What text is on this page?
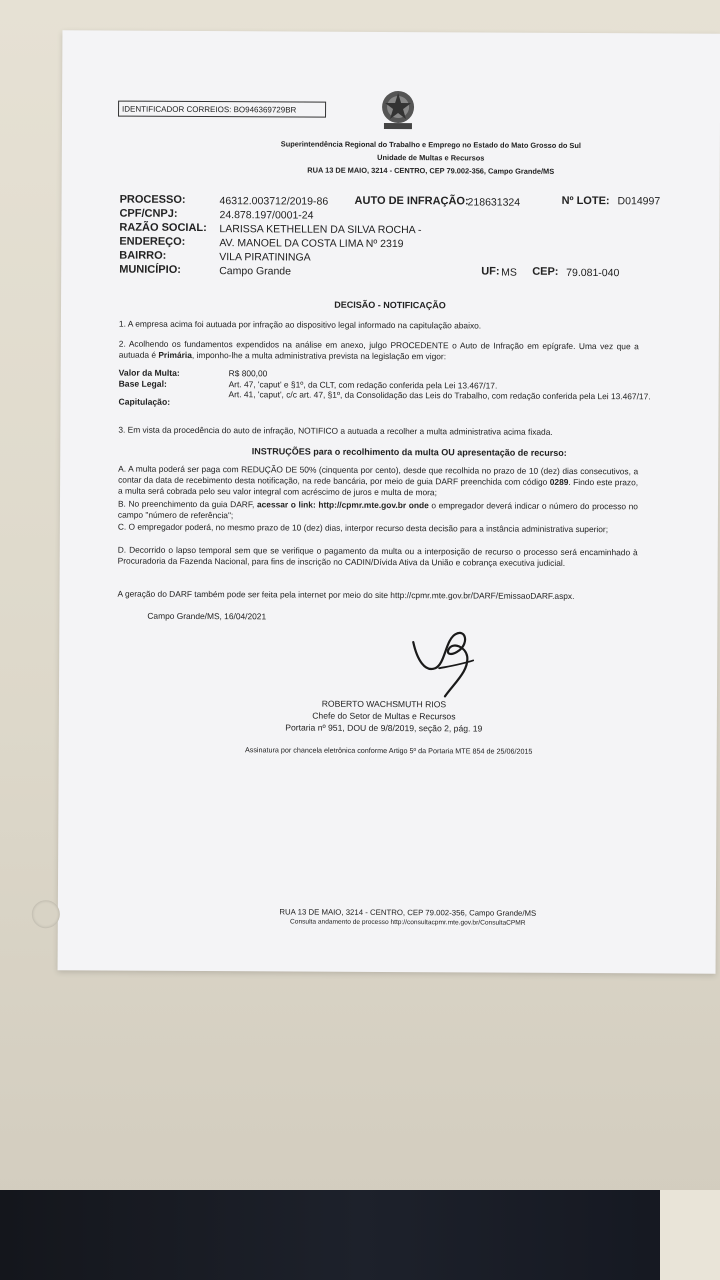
IDENTIFICADOR CORREIOS: BO946369729BR
Superintendência Regional do Trabalho e Emprego no Estado do Mato Grosso do Sul
Unidade de Multas e Recursos
RUA 13 DE MAIO, 3214 - CENTRO, CEP 79.002-356, Campo Grande/MS
PROCESSO:	46312.003712/2019-86 AUTO DE INFRAÇÃO:
218631324	Nº LOTE: D014997
CPF/CNPJ:	24.878.197/0001-24
RAZÃO SOCIAL: LARISSA KETHELLEN DA SILVA ROCHA -
ENDEREÇO:	AV. MANOEL DA COSTA LIMA Nº 2319
BAIRRO:	VILA PIRATININGA
MUNICÍPIO:	Campo Grande	UF: MS CEP: 79.081-040
DECISÃO - NOTIFICAÇÃO
1. A empresa acima foi autuada por infração ao dispositivo legal informado na capitulação abaixo.
2. Acolhendo os fundamentos expendidos na análise em anexo, julgo PROCEDENTE o Auto de Infração em epígrafe. Uma vez que a autuada é Primária, imponho-lhe a multa administrativa prevista na legislação em vigor:
Valor da Multa:	R$ 800,00
Base Legal:	Art. 47, 'caput' e §1º, da CLT, com redação conferida pela Lei 13.467/17.
Capitulação:
Art. 41, 'caput', c/c art. 47, §1º, da Consolidação das Leis do Trabalho, com redação conferida pela Lei 13.467/17.
3. Em vista da procedência do auto de infração, NOTIFICO a autuada a recolher a multa administrativa acima fixada.
INSTRUÇÕES para o recolhimento da multa OU apresentação de recurso:
A. A multa poderá ser paga com REDUÇÃO DE 50% (cinquenta por cento), desde que recolhida no prazo de 10 (dez) dias consecutivos, a contar da data de recebimento desta notificação, na rede bancária, por meio de guia DARF preenchida com código 0289. Findo este prazo, a multa será cobrada pelo seu valor integral com acréscimo de juros e multa de mora;
B. No preenchimento da guia DARF, acessar o link: http://cpmr.mte.gov.br onde o empregador deverá indicar o número do processo no campo "número de referência";
C. O empregador poderá, no mesmo prazo de 10 (dez) dias, interpor recurso desta decisão para a instância administrativa superior;
D. Decorrido o lapso temporal sem que se verifique o pagamento da multa ou a interposição de recurso o processo será encaminhado à Procuradoria da Fazenda Nacional, para fins de inscrição no CADIN/Dívida Ativa da União e cobrança executiva judicial.
A geração do DARF também pode ser feita pela internet por meio do site http://cpmr.mte.gov.br/DARF/EmissaoDARF.aspx.
Campo Grande/MS, 16/04/2021
ROBERTO WACHSMUTH RIOS
Chefe do Setor de Multas e Recursos
Portaria nº 951, DOU de 9/8/2019, seção 2, pág. 19
Assinatura por chancela eletrônica conforme Artigo 5º da Portaria MTE 854 de 25/06/2015
RUA 13 DE MAIO, 3214 - CENTRO, CEP 79.002-356, Campo Grande/MS
Consulta andamento de processo http://consultacpmr.mte.gov.br/ConsultaCPMR
